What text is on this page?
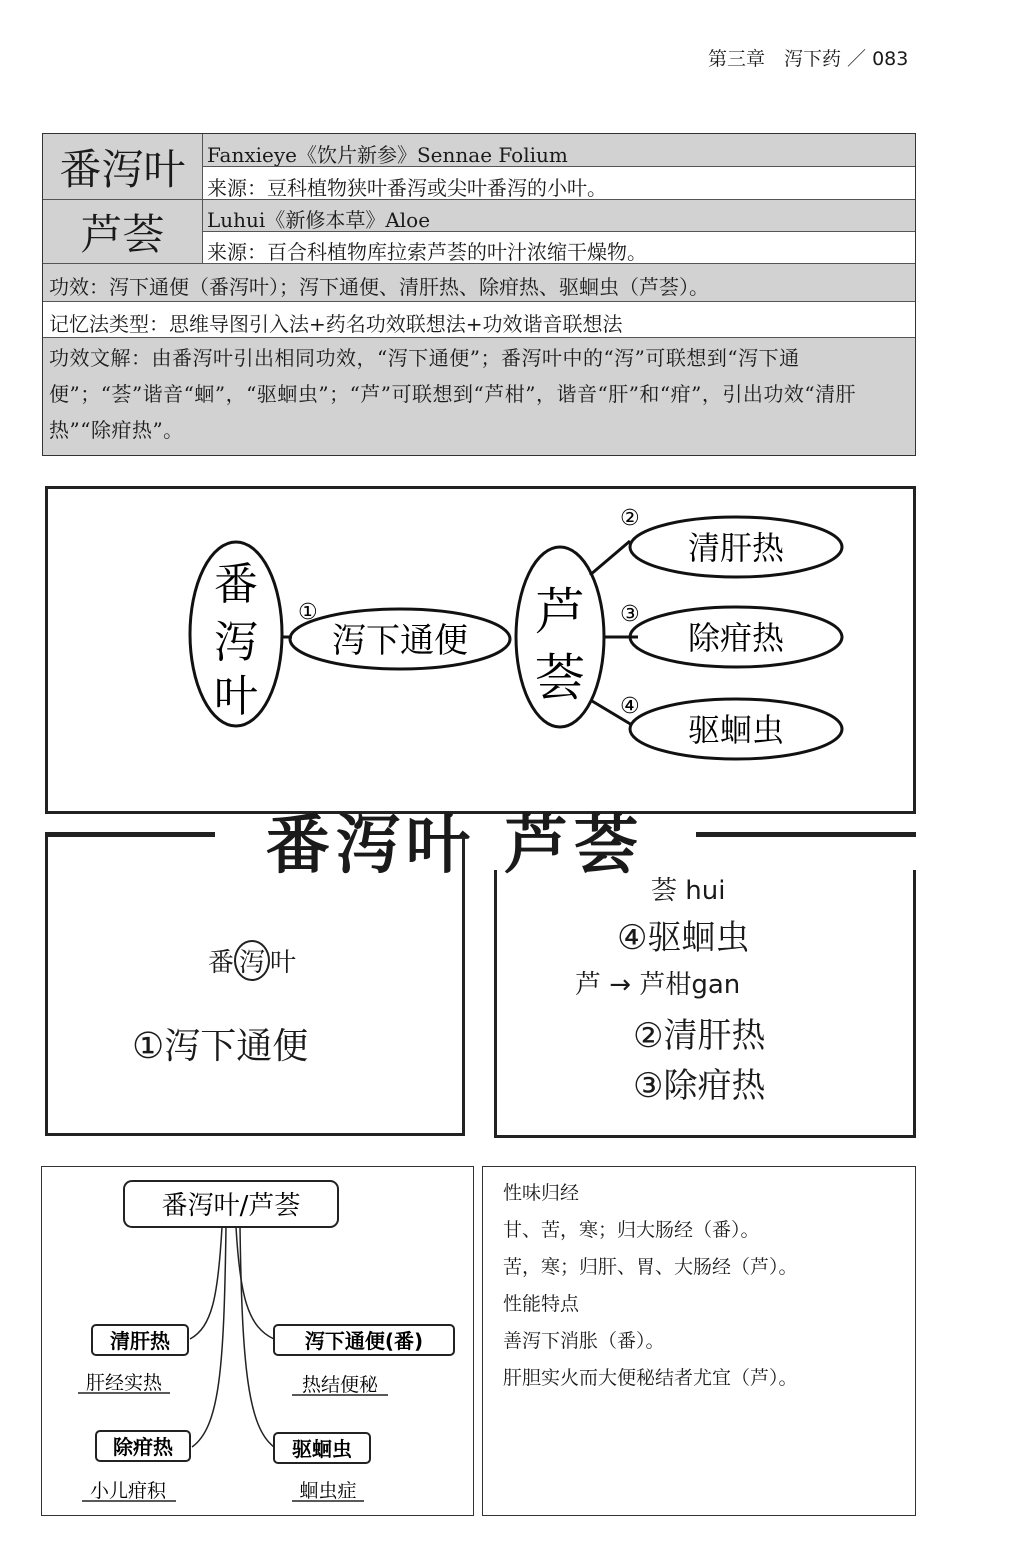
第三章　泻下药 ／ 083
番泻叶	Fanxieye《饮片新参》Sennae Folium
来源：豆科植物狭叶番泻或尖叶番泻的小叶。
芦荟	Luhui《新修本草》Aloe
来源：百合科植物库拉索芦荟的叶汁浓缩干燥物。
功效：泻下通便（番泻叶）；泻下通便、清肝热、除疳热、驱蛔虫（芦荟）。
记忆法类型：思维导图引入法+药名功效联想法+功效谐音联想法
功效文解：由番泻叶引出相同功效，“泻下通便”；番泻叶中的“泻”可联想到“泻下通便”；“荟”谐音“蛔”，“驱蛔虫”；“芦”可联想到“芦柑”，谐音“肝”和“疳”，引出功效“清肝热”“除疳热”。
番
泻
叶
①
泻下通便 芦
荟
②
③
④
清肝热
除疳热
驱蛔虫
番泻叶 芦荟
番 泻 叶
①泻下通便
荟 hui
④驱蛔虫
芦 → 芦柑gan
②清肝热
③除疳热
番泻叶/芦荟
清肝热
肝经实热
除疳热
小儿疳积
泻下通便(番)
热结便秘
驱蛔虫
蛔虫症
性味归经
甘、苦，寒；归大肠经（番）。
苦，寒；归肝、胃、大肠经（芦）。
性能特点
善泻下消胀（番）。
肝胆实火而大便秘结者尤宜（芦）。
